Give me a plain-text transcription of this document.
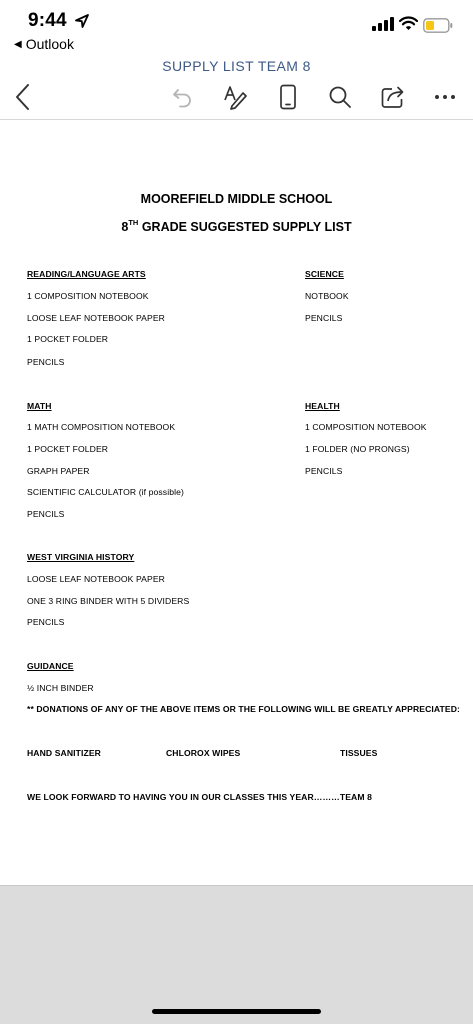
9:44
◀ Outlook
SUPPLY LIST TEAM 8
MOOREFIELD MIDDLE SCHOOL
8TH GRADE SUGGESTED SUPPLY LIST
READING/LANGUAGE ARTS
1 COMPOSITION NOTEBOOK
LOOSE LEAF NOTEBOOK PAPER
1 POCKET FOLDER
PENCILS
SCIENCE
NOTBOOK
PENCILS
MATH
1 MATH COMPOSITION NOTEBOOK
1 POCKET FOLDER
GRAPH PAPER
SCIENTIFIC CALCULATOR (if possible)
PENCILS
HEALTH
1 COMPOSITION NOTEBOOK
1 FOLDER (NO PRONGS)
PENCILS
WEST VIRGINIA HISTORY
LOOSE LEAF NOTEBOOK PAPER
ONE 3 RING BINDER WITH 5 DIVIDERS
PENCILS
GUIDANCE
½ INCH BINDER
** DONATIONS OF ANY OF THE ABOVE ITEMS OR THE FOLLOWING WILL BE GREATLY APPRECIATED:
HAND SANITIZER	CHLOROX WIPES	TISSUES
WE LOOK FORWARD TO HAVING YOU IN OUR CLASSES THIS YEAR………TEAM 8
